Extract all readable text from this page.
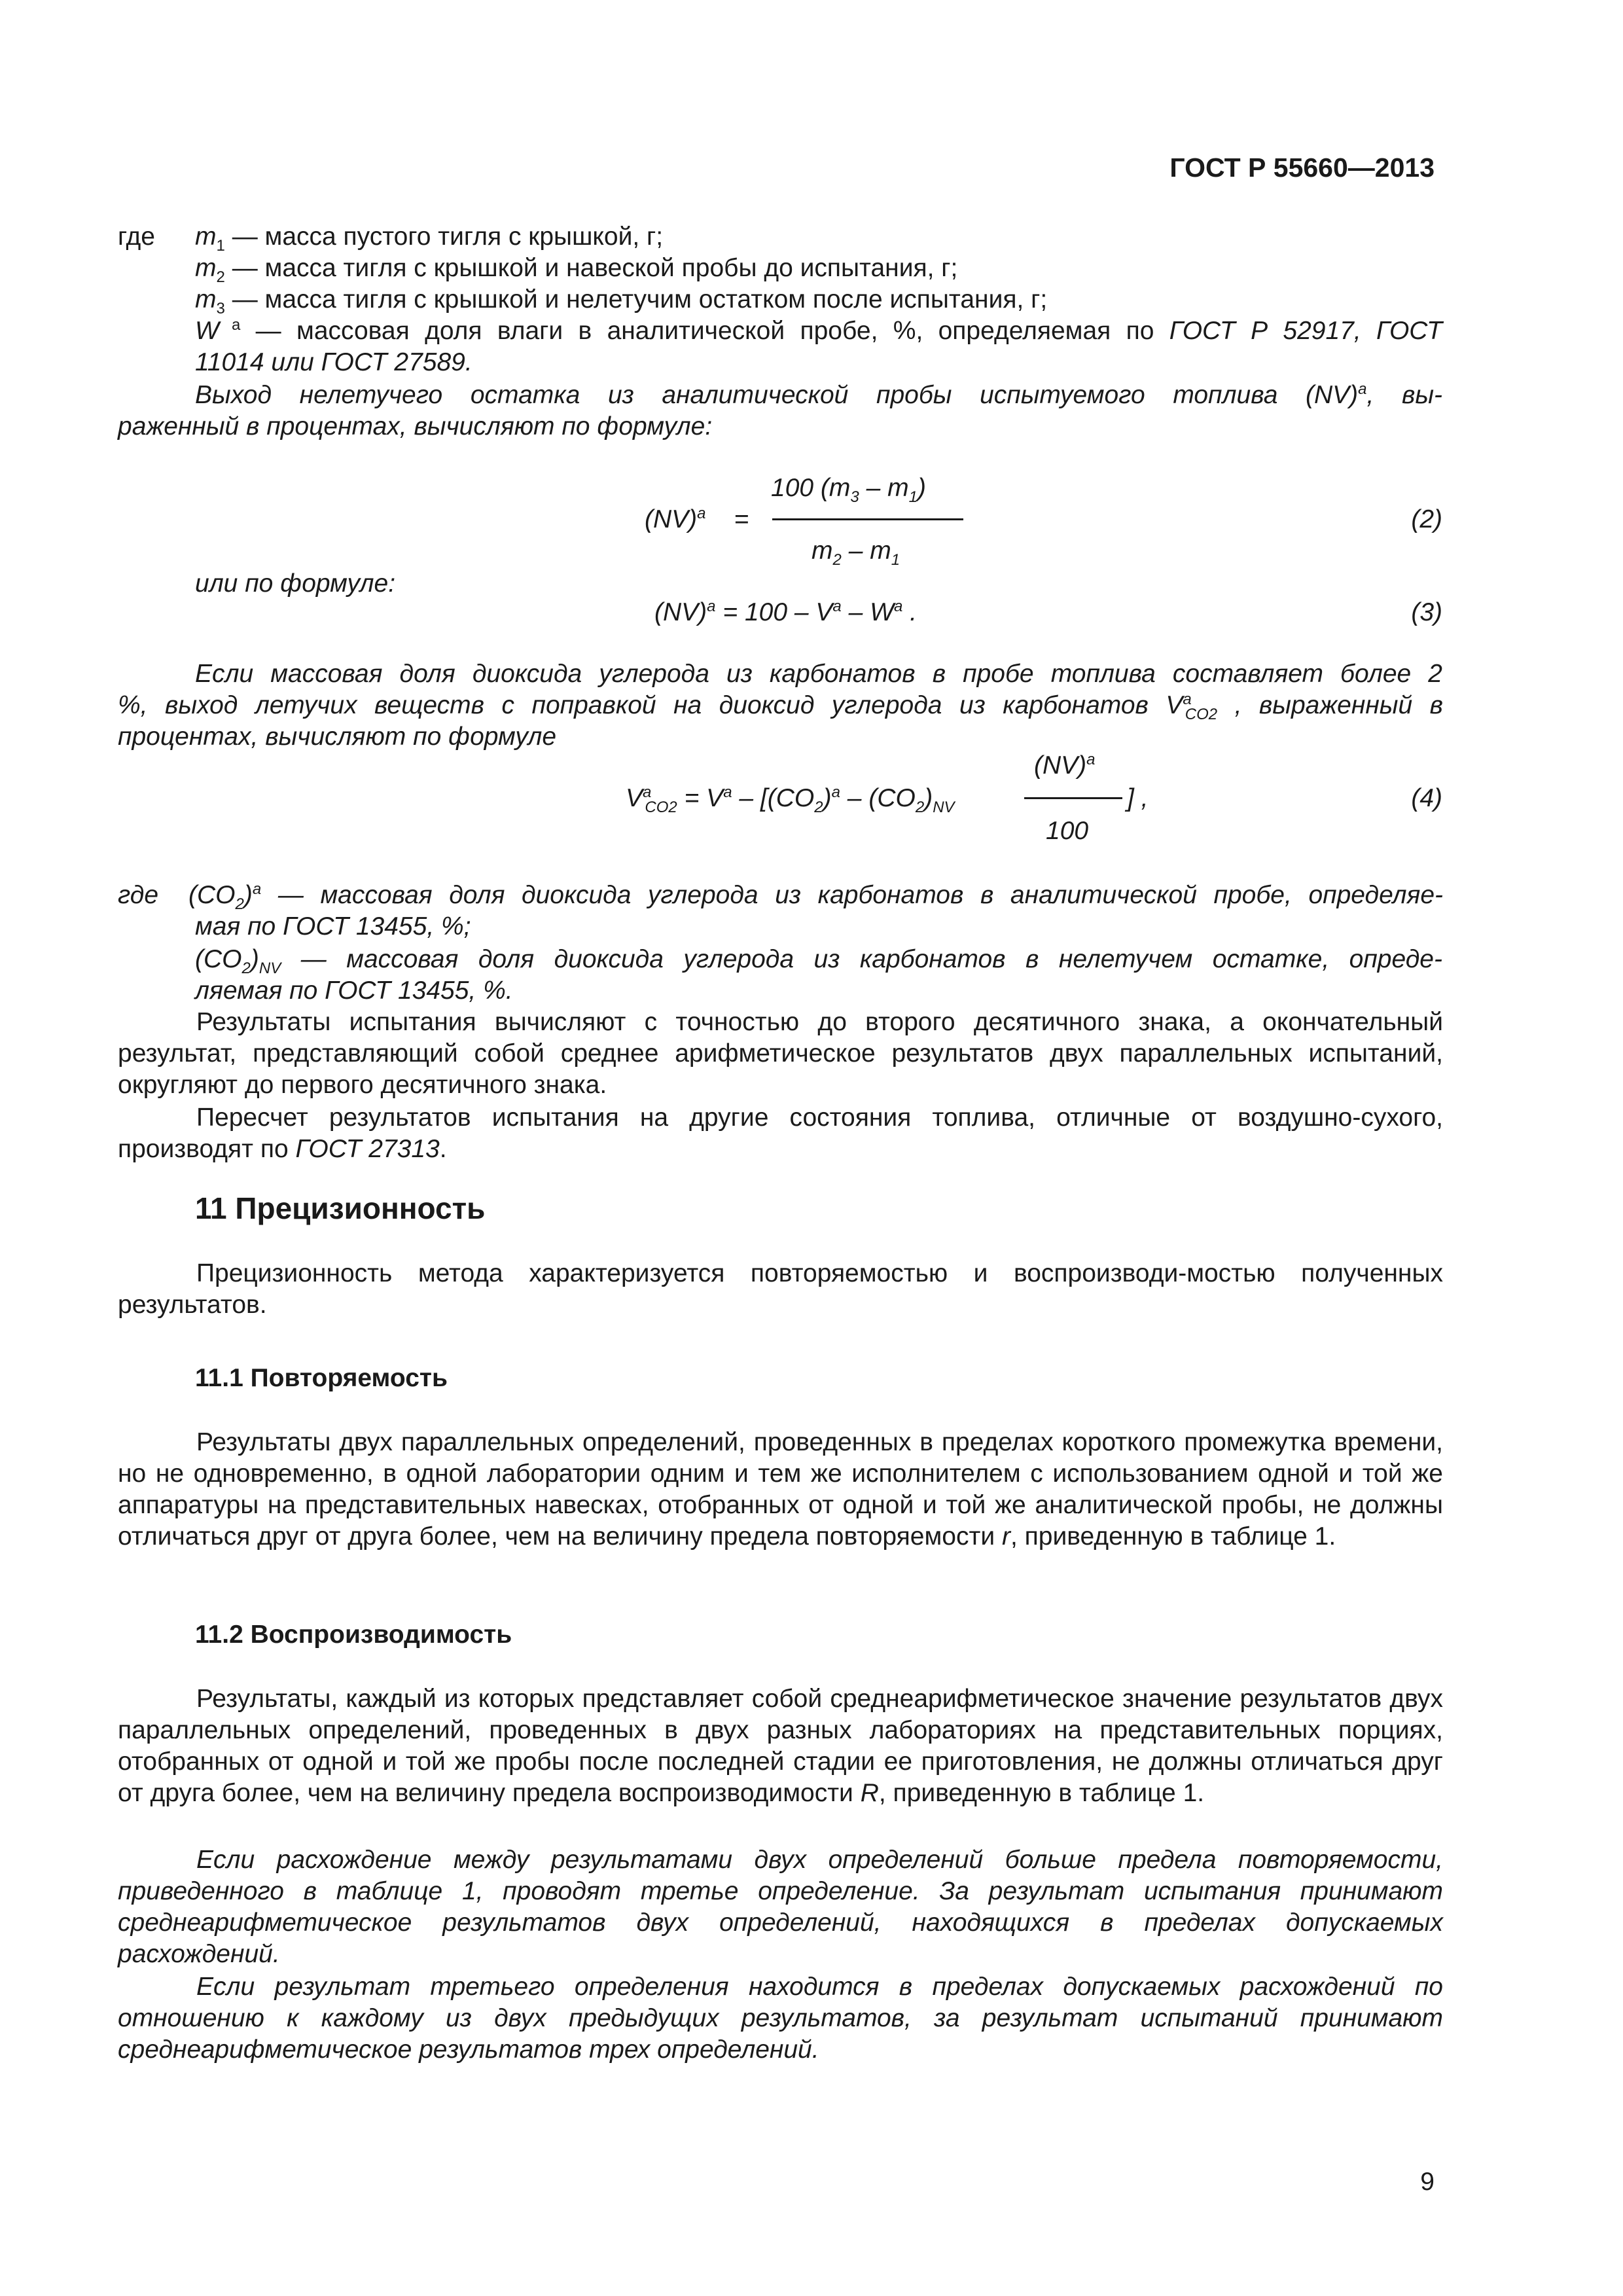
ГОСТ Р 55660—2013
где $m_1$ — масса пустого тигля с крышкой, г;
$m_2$ — масса тигля с крышкой и навеской пробы до испытания, г;
$m_3$ — масса тигля с крышкой и нелетучим остатком после испытания, г;
W $^a$ — массовая доля влаги в аналитической пробе, %, определяемая по ГОСТ Р 52917, ГОСТ
11014 или ГОСТ 27589.
Выход нелетучего остатка из аналитической пробы испытуемого топлива (NV)$^a$, вы-
раженный в процентах, вычисляют по формуле:
100 $(m_3 - m_1)$
(NV)$^a$ =	(2)
$m_2 - m_1$
или по формуле:
$(NV)^a = 100 - V^a - W^a$ .	(3)
Если массовая доля диоксида углерода из карбонатов в пробе топлива составляет более 2
%, выход летучих веществ с поправкой на диоксид углерода из карбонатов $V^a_{CO2}$ , выраженный в
процентах, вычисляют по формуле
(NV)$^a$
$V^a_{CO2} = V^a - [(CO_2)^a - (CO_2)_{NV}$	] ,	(4)
100
где $(CO_2)^a$ — массовая доля диоксида углерода из карбонатов в аналитической пробе, определяе-
мая по ГОСТ 13455, %;
$(CO_2)_{NV}$ — массовая доля диоксида углерода из карбонатов в нелетучем остатке, опреде-
ляемая по ГОСТ 13455, %.
Результаты испытания вычисляют с точностью до второго десятичного знака, а окончательный результат, представляющий собой среднее арифметическое результатов двух параллельных испытаний, округляют до первого десятичного знака.
Пересчет результатов испытания на другие состояния топлива, отличные от воздушно-сухого, производят по ГОСТ 27313.
11 Прецизионность
Прецизионность метода характеризуется повторяемостью и воспроизводи-мостью полученных результатов.
11.1 Повторяемость
Результаты двух параллельных определений, проведенных в пределах короткого промежутка времени, но не одновременно, в одной лаборатории одним и тем же исполнителем с использованием одной и той же аппаратуры на представительных навесках, отобранных от одной и той же аналитической пробы, не должны отличаться друг от друга более, чем на величину предела повторяемости r, приведенную в таблице 1.
11.2 Воспроизводимость
Результаты, каждый из которых представляет собой среднеарифметическое значение результатов двух параллельных определений, проведенных в двух разных лабораториях на представительных порциях, отобранных от одной и той же пробы после последней стадии ее приготовления, не должны отличаться друг от друга более, чем на величину предела воспроизводимости R, приведенную в таблице 1.
Если расхождение между результатами двух определений больше предела повторяемости, приведенного в таблице 1, проводят третье определение. За результат испытания принимают среднеарифметическое результатов двух определений, находящихся в пределах допускаемых расхождений.
Если результат третьего определения находится в пределах допускаемых расхождений по отношению к каждому из двух предыдущих результатов, за результат испытаний принимают среднеарифметическое результатов трех определений.
9
